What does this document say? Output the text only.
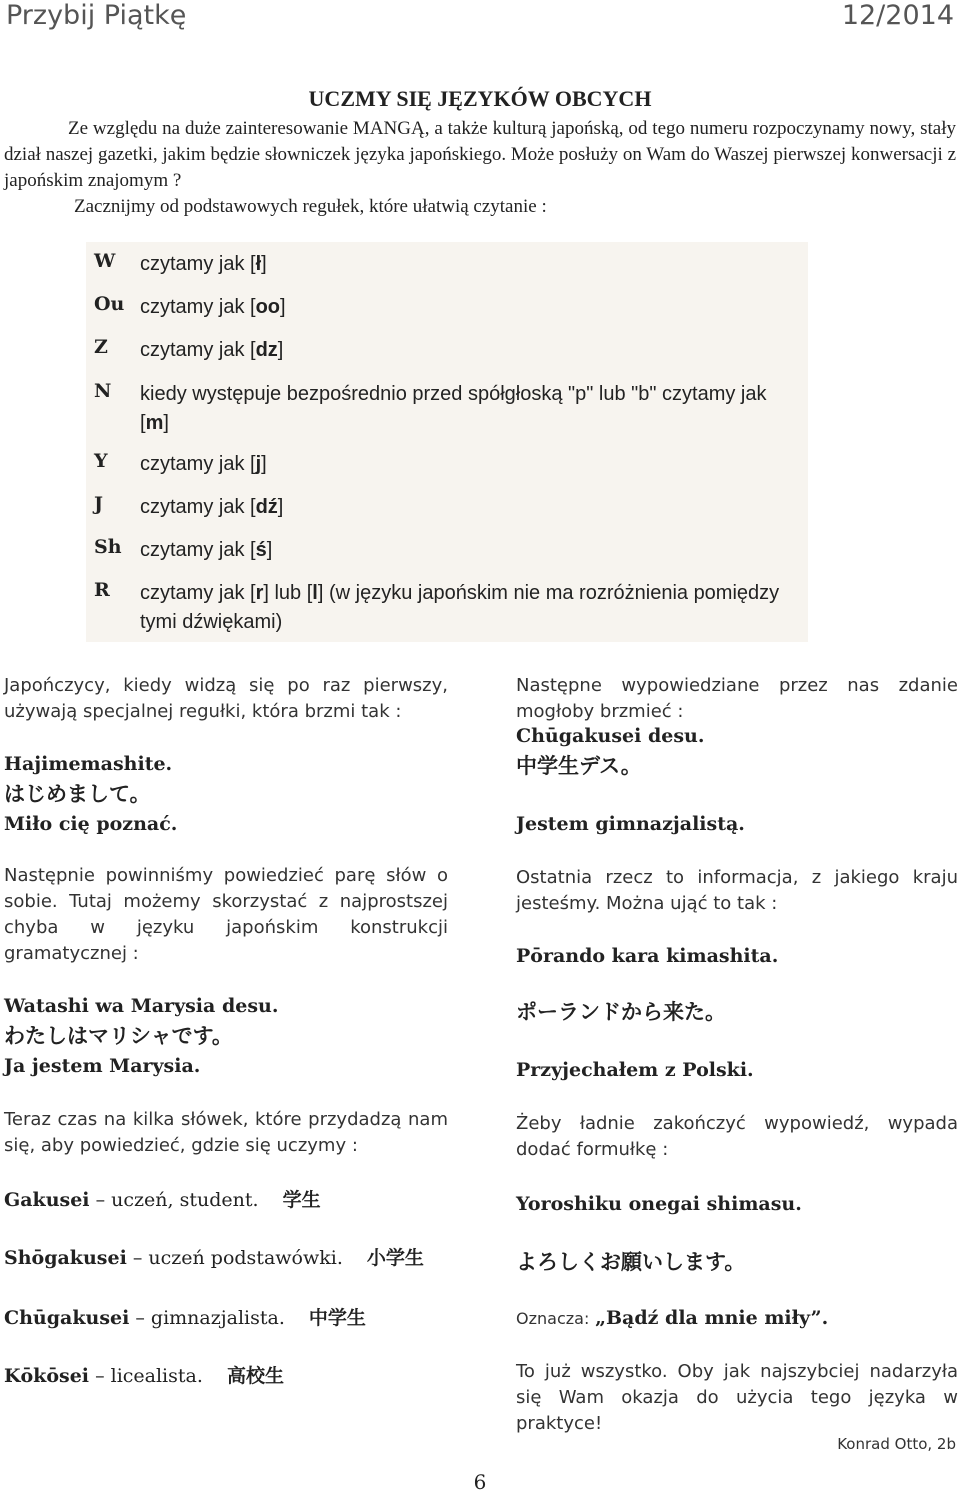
Przybij Piątkę	12/2014
UCZMY SIĘ JĘZYKÓW OBCYCH

Ze względu na duże zainteresowanie MANGĄ, a także kulturą japońską, od tego numeru rozpoczynamy nowy, stały dział naszej gazetki, jakim będzie słowniczek języka japońskiego. Może posłuży on Wam do Waszej pierwszej konwersacji z japońskim znajomym ?

Zacznijmy od podstawowych regułek, które ułatwią czytanie :

W czytamy jak [ł]
Ou czytamy jak [oo]
Z czytamy jak [dz]
N kiedy występuje bezpośrednio przed spółgłoską "p" lub "b" czytamy jak [m]
Y czytamy jak [j]
J czytamy jak [dź]
Sh czytamy jak [ś]
R czytamy jak [r] lub [l] (w języku japońskim nie ma rozróżnienia pomiędzy tymi dźwiękami)

Japończycy, kiedy widzą się po raz pierwszy, używają specjalnej regułki, która brzmi tak :

Hajimemashite.
はじめまして。
Miło cię poznać.

Następnie powinniśmy powiedzieć parę słów o sobie. Tutaj możemy skorzystać z najprostszej chyba w języku japońskim konstrukcji gramatycznej :

Watashi wa Marysia desu.
わたしはマリシャです。
Ja jestem Marysia.

Teraz czas na kilka słówek, które przydadzą nam się, aby powiedzieć, gdzie się uczymy :

Gakusei – uczeń, student. 学生
Shōgakusei – uczeń podstawówki. 小学生
Chūgakusei – gimnazjalista. 中学生
Kōkōsei – licealista. 高校生

Następne wypowiedziane przez nas zdanie mogłoby brzmieć :

Chūgakusei desu.
中学生デス。
Jestem gimnazjalistą.

Ostatnia rzecz to informacja, z jakiego kraju jesteśmy. Można ująć to tak :

Pōrando kara kimashita.
ポーランドから来た。
Przyjechałem z Polski.

Żeby ładnie zakończyć wypowiedź, wypada dodać formułkę :

Yoroshiku onegai shimasu.
よろしくお願いします。
Oznacza: „Bądź dla mnie miły”.

To już wszystko. Oby jak najszybciej nadarzyła się Wam okazja do użycia tego języka w praktyce!

Konrad Otto, 2b
6
